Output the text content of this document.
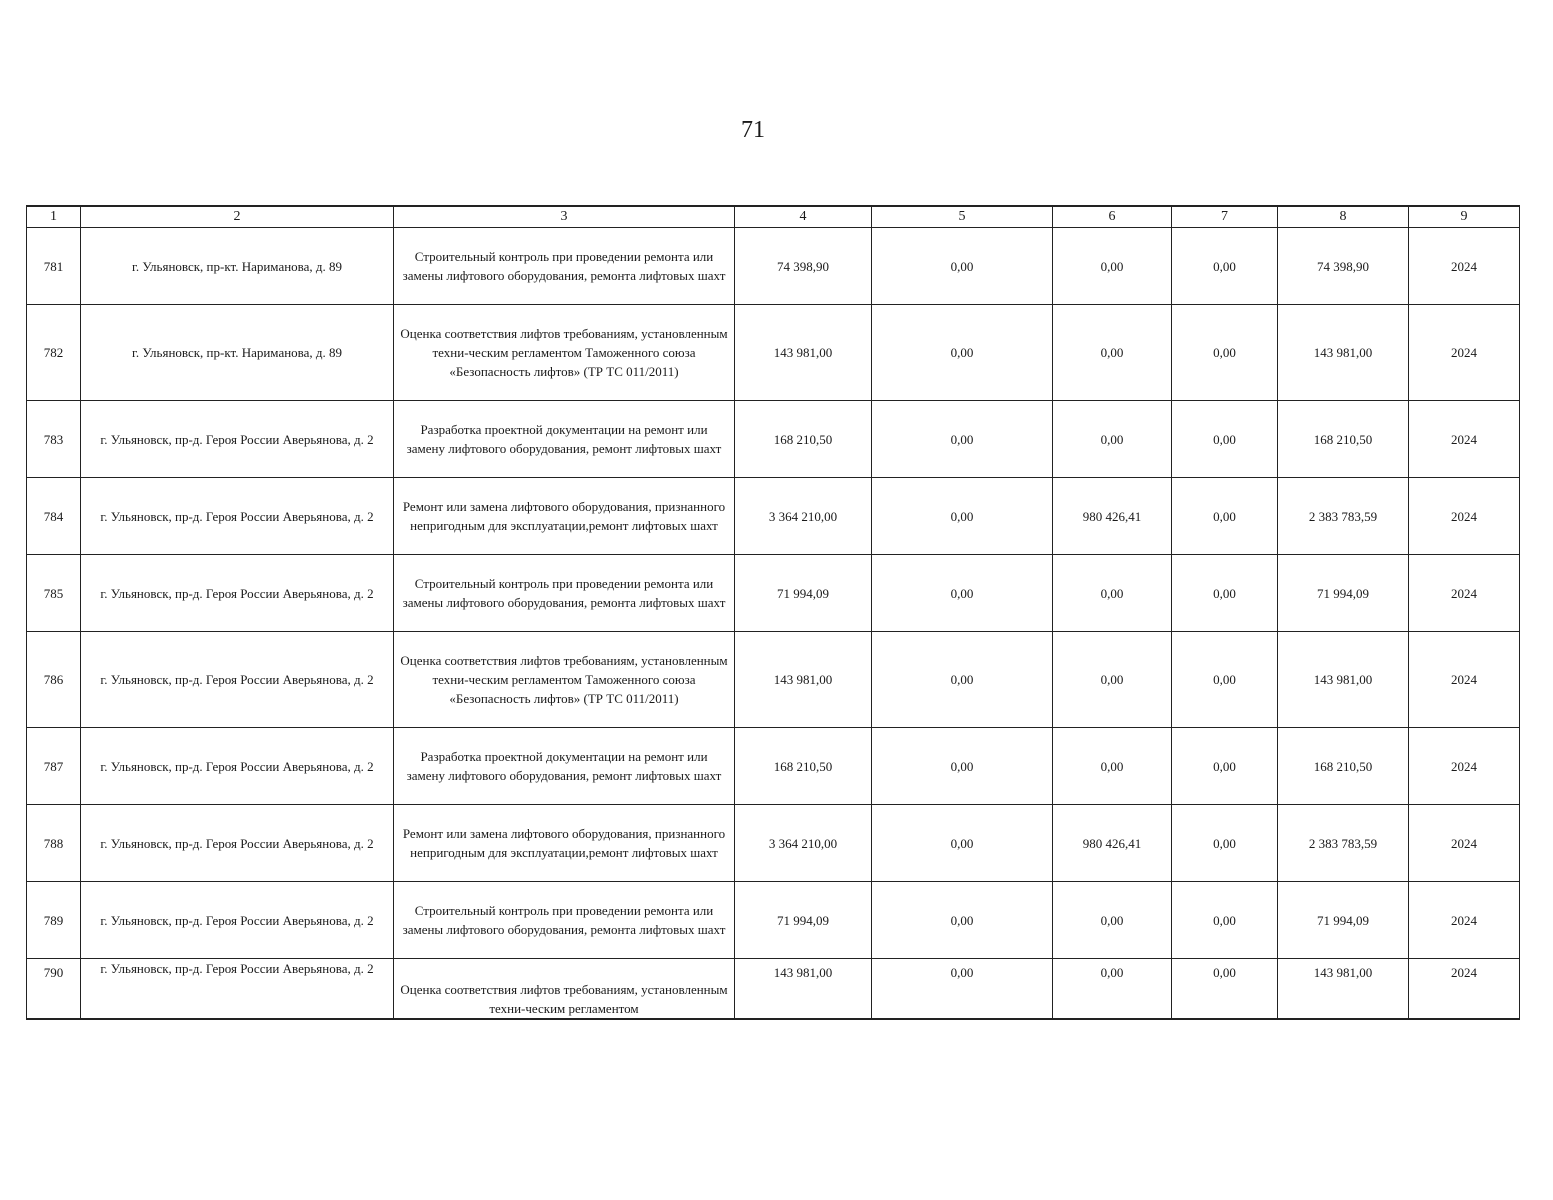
71
1	2	3	4	5	6	7	8	9
781	г. Ульяновск, пр-кт. Нариманова, д. 89	Строительный контроль при проведении ремонта или замены лифтового оборудования, ремонта лифтовых шахт	74 398,90	0,00	0,00	0,00	74 398,90	2024
782	г. Ульяновск, пр-кт. Нариманова, д. 89	Оценка соответствия лифтов требованиям, установленным техни-ческим регламентом Таможенного союза «Безопасность лифтов» (ТР ТС 011/2011)	143 981,00	0,00	0,00	0,00	143 981,00	2024
783	г. Ульяновск, пр-д. Героя России Аверьянова, д. 2	Разработка проектной документации на ремонт или замену лифтового оборудования, ремонт лифтовых шахт	168 210,50	0,00	0,00	0,00	168 210,50	2024
784	г. Ульяновск, пр-д. Героя России Аверьянова, д. 2	Ремонт или замена лифтового оборудования, признанного непригодным для эксплуатации,ремонт лифтовых шахт	3 364 210,00	0,00	980 426,41	0,00	2 383 783,59	2024
785	г. Ульяновск, пр-д. Героя России Аверьянова, д. 2	Строительный контроль при проведении ремонта или замены лифтового оборудования, ремонта лифтовых шахт	71 994,09	0,00	0,00	0,00	71 994,09	2024
786	г. Ульяновск, пр-д. Героя России Аверьянова, д. 2	Оценка соответствия лифтов требованиям, установленным техни-ческим регламентом Таможенного союза «Безопасность лифтов» (ТР ТС 011/2011)	143 981,00	0,00	0,00	0,00	143 981,00	2024
787	г. Ульяновск, пр-д. Героя России Аверьянова, д. 2	Разработка проектной документации на ремонт или замену лифтового оборудования, ремонт лифтовых шахт	168 210,50	0,00	0,00	0,00	168 210,50	2024
788	г. Ульяновск, пр-д. Героя России Аверьянова, д. 2	Ремонт или замена лифтового оборудования, признанного непригодным для эксплуатации,ремонт лифтовых шахт	3 364 210,00	0,00	980 426,41	0,00	2 383 783,59	2024
789	г. Ульяновск, пр-д. Героя России Аверьянова, д. 2	Строительный контроль при проведении ремонта или замены лифтового оборудования, ремонта лифтовых шахт	71 994,09	0,00	0,00	0,00	71 994,09	2024
790	г. Ульяновск, пр-д. Героя России Аверьянова, д. 2	Оценка соответствия лифтов требованиям, установленным техни-ческим регламентом	143 981,00	0,00	0,00	0,00	143 981,00	2024
